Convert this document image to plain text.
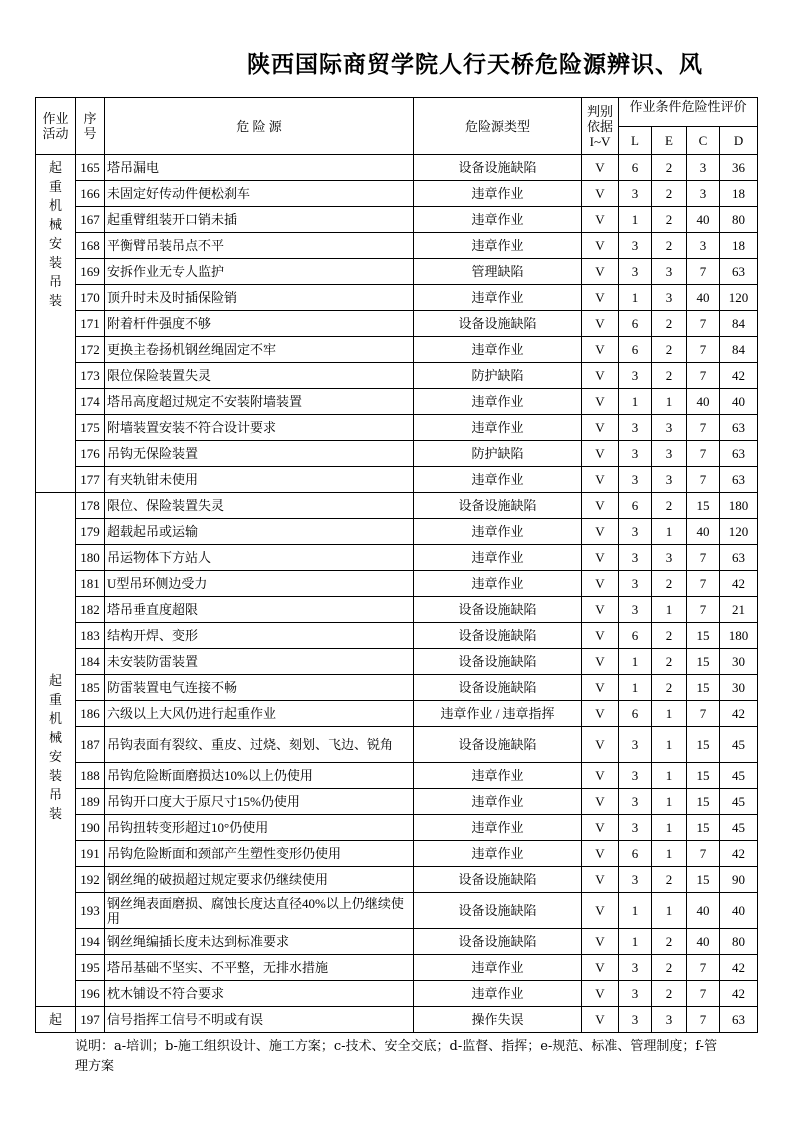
陕西国际商贸学院人行天桥危险源辨识、风
作业活动	序号	危 险 源	危险源类型	判别依据
I~V	作业条件危险性评价			

					L	E	C	D

起重机械安装吊装	165	塔吊漏电	设备设施缺陷	V	6	2	3	36
	166	未固定好传动件便松刹车	违章作业	V	3	2	3	18
	167	起重臂组装开口销未插	违章作业	V	1	2	40	80
	168	平衡臂吊装吊点不平	违章作业	V	3	2	3	18
	169	安拆作业无专人监护	管理缺陷	V	3	3	7	63
	170	顶升时未及时插保险销	违章作业	V	1	3	40	120
	171	附着杆件强度不够	设备设施缺陷	V	6	2	7	84
	172	更换主卷扬机钢丝绳固定不牢	违章作业	V	6	2	7	84
	173	限位保险装置失灵	防护缺陷	V	3	2	7	42
	174	塔吊高度超过规定不安装附墙装置	违章作业	V	1	1	40	40
	175	附墙装置安装不符合设计要求	违章作业	V	3	3	7	63
	176	吊钩无保险装置	防护缺陷	V	3	3	7	63
	177	有夹轨钳未使用	违章作业	V	3	3	7	63

起重机械安装吊装	178	限位、保险装置失灵	设备设施缺陷	V	6	2	15	180
	179	超载起吊或运输	违章作业	V	3	1	40	120
	180	吊运物体下方站人	违章作业	V	3	3	7	63
	181	U型吊环侧边受力	违章作业	V	3	2	7	42
	182	塔吊垂直度超限	设备设施缺陷	V	3	1	7	21
	183	结构开焊、变形	设备设施缺陷	V	6	2	15	180
	184	未安装防雷装置	设备设施缺陷	V	1	2	15	30
	185	防雷装置电气连接不畅	设备设施缺陷	V	1	2	15	30
	186	六级以上大风仍进行起重作业	违章作业 / 违章指挥	V	6	1	7	42
	187	吊钩表面有裂纹、重皮、过烧、刻划、飞边、锐角	设备设施缺陷	V	3	1	15	45
	188	吊钩危险断面磨损达10%以上仍使用	违章作业	V	3	1	15	45
	189	吊钩开口度大于原尺寸15%仍使用	违章作业	V	3	1	15	45
	190	吊钩扭转变形超过10°仍使用	违章作业	V	3	1	15	45
	191	吊钩危险断面和颈部产生塑性变形仍使用	违章作业	V	6	1	7	42
	192	钢丝绳的破损超过规定要求仍继续使用	设备设施缺陷	V	3	2	15	90
	193	钢丝绳表面磨损、腐蚀长度达直径40%以上仍继续使用	设备设施缺陷	V	1	1	40	40
	194	钢丝绳编插长度未达到标准要求	设备设施缺陷	V	1	2	40	80
	195	塔吊基础不坚实、不平整，无排水措施	违章作业	V	3	2	7	42
	196	枕木铺设不符合要求	违章作业	V	3	2	7	42

起	197	信号指挥工信号不明或有误	操作失误	V	3	3	7	63
说明：a-培训；b-施工组织设计、施工方案；c-技术、安全交底；d-监督、指挥；e-规范、标准、管理制度；f-管理方案
